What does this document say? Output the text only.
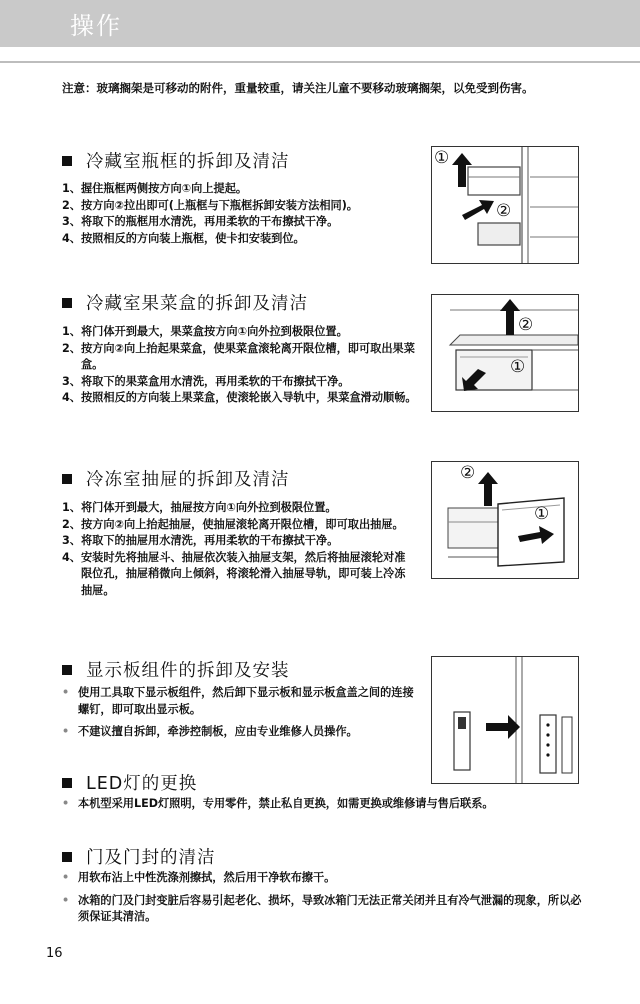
操作
注意：玻璃搁架是可移动的附件，重量较重，请关注儿童不要移动玻璃搁架，以免受到伤害。
冷藏室瓶框的拆卸及清洁
1、 握住瓶框两侧按方向①向上提起。
2、 按方向②拉出即可(上瓶框与下瓶框拆卸安装方法相同)。
3、 将取下的瓶框用水清洗，再用柔软的干布擦拭干净。
4、 按照相反的方向装上瓶框，使卡扣安装到位。
①
②
冷藏室果菜盒的拆卸及清洁
1、 将门体开到最大，果菜盒按方向①向外拉到极限位置。
2、 按方向②向上抬起果菜盒，使果菜盒滚轮离开限位槽，即可取出果菜盒。
3、 将取下的果菜盒用水清洗，再用柔软的干布擦拭干净。
4、 按照相反的方向装上果菜盒，使滚轮嵌入导轨中，果菜盒滑动顺畅。
②
①
冷冻室抽屉的拆卸及清洁
1、 将门体开到最大，抽屉按方向①向外拉到极限位置。
2、 按方向②向上抬起抽屉，使抽屉滚轮离开限位槽，即可取出抽屉。
3、 将取下的抽屉用水清洗，再用柔软的干布擦拭干净。
4、 安装时先将抽屉斗、抽屉依次装入抽屉支架，然后将抽屉滚轮对准限位孔，抽屉稍微向上倾斜，将滚轮滑入抽屉导轨，即可装上冷冻抽屉。
②
①
显示板组件的拆卸及安装
• 使用工具取下显示板组件，然后卸下显示板和显示板盒盖之间的连接螺钉，即可取出显示板。
• 不建议擅自拆卸，牵涉控制板，应由专业维修人员操作。
LED灯的更换
• 本机型采用LED灯照明，专用零件，禁止私自更换，如需更换或维修请与售后联系。
门及门封的清洁
• 用软布沾上中性洗涤剂擦拭，然后用干净软布擦干。
• 冰箱的门及门封变脏后容易引起老化、损坏，导致冰箱门无法正常关闭并且有冷气泄漏的现象，所以必须保证其清洁。
16
